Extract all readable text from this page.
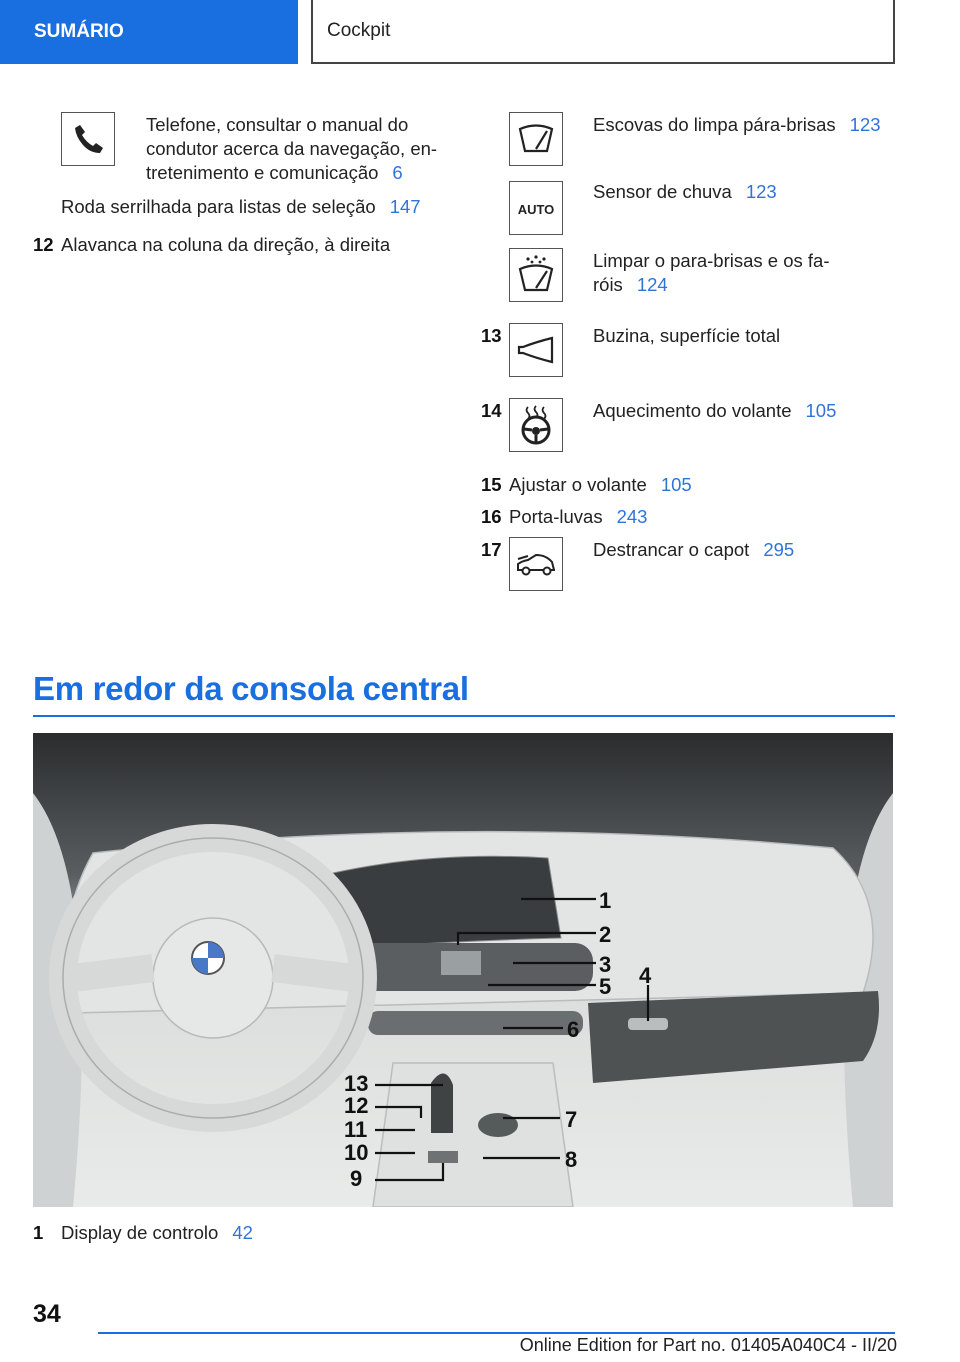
SUMÁRIO	Cockpit
Telefone, consultar o manual do
condutor acerca da navegação, en-
tretenimento e comunicação 6
Roda serrilhada para listas de seleção 147
12 Alavanca na coluna da direção, à direita
Escovas do limpa pára-brisas 123
AUTO
Sensor de chuva 123
Limpar o para-brisas e os fa-
róis 124
13	Buzina, superfície total
14	Aquecimento do volante 105
15 Ajustar o volante 105
16 Porta-luvas 243
17	Destrancar o capot 295
Em redor da consola central
1
2
3
5 4
6
7
8
13
12
11
10
9
1 Display de controlo 42
34
Online Edition for Part no. 01405A040C4 - II/20
